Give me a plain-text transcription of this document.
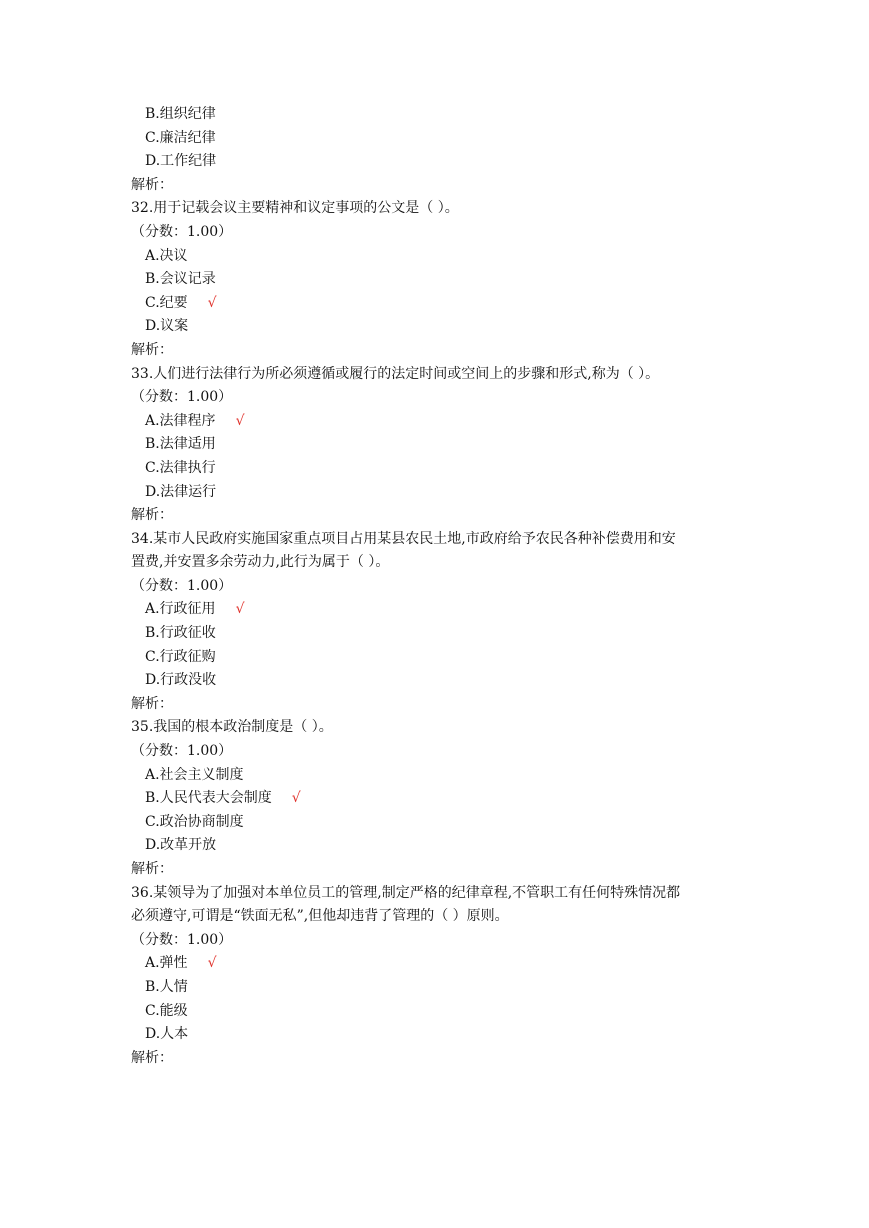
B.组织纪律
C.廉洁纪律
D.工作纪律
解析：
32.用于记载会议主要精神和议定事项的公文是（ ）。
（分数：1.00）
A.决议
B.会议记录
C.纪要 √
D.议案
解析：
33.人们进行法律行为所必须遵循或履行的法定时间或空间上的步骤和形式,称为（ ）。
（分数：1.00）
A.法律程序 √
B.法律适用
C.法律执行
D.法律运行
解析：
34.某市人民政府实施国家重点项目占用某县农民土地,市政府给予农民各种补偿费用和安
置费,并安置多余劳动力,此行为属于（ ）。
（分数：1.00）
A.行政征用 √
B.行政征收
C.行政征购
D.行政没收
解析：
35.我国的根本政治制度是（ ）。
（分数：1.00）
A.社会主义制度
B.人民代表大会制度 √
C.政治协商制度
D.改革开放
解析：
36.某领导为了加强对本单位员工的管理,制定严格的纪律章程,不管职工有任何特殊情况都
必须遵守,可谓是“铁面无私”,但他却违背了管理的（ ）原则。
（分数：1.00）
A.弹性 √
B.人情
C.能级
D.人本
解析：
